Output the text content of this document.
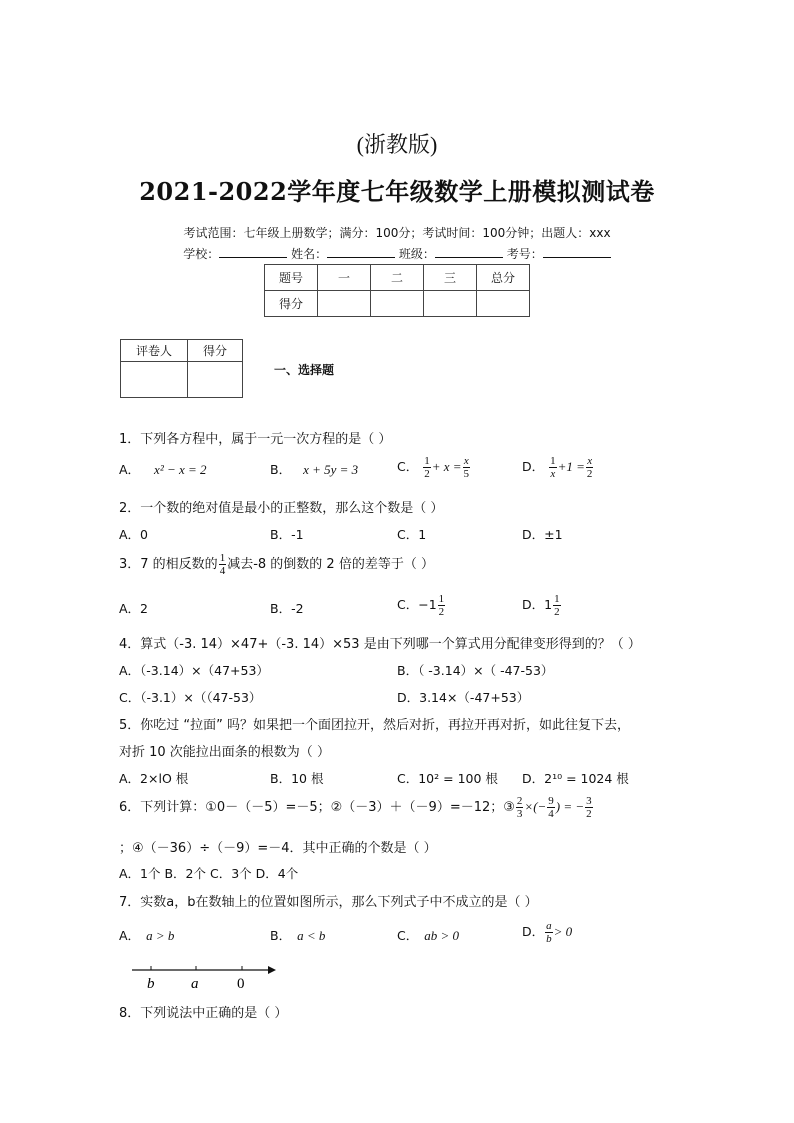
(浙教版)
2021-2022学年度七年级数学上册模拟测试卷
考试范围：七年级上册数学；满分：100分；考试时间：100分钟；出题人：xxx
学校：	姓名：	班级：	考号：
题号	一	二	三	总分
得分				
评卷人	得分

一、选择题
1．下列各方程中，属于一元一次方程的是（ ）
A． x² − x = 2	B． x + 5y = 3	C． $\frac{1}{2} + x = \frac{x}{5}$	D． $\frac{1}{x} +1 = \frac{x}{2}$
2．一个数的绝对值是最小的正整数，那么这个数是（ ）
A．0	B．-1	C．1	D．±1
3．7 的相反数的 $\frac{1}{4}$ 减去-8 的倒数的 2 倍的差等于（ ）
A．2	B．-2	C．$-1 \frac{1}{2}$	D．$1 \frac{1}{2}$
4．算式（-3. 14）×47+（-3. 14）×53 是由下列哪一个算式用分配律变形得到的？（ ）
A．（-3.14）×（47+53）	B．（ -3.14）×（ -47-53）
C．（-3.1）×（（47-53）	D．3.14×（-47+53）
5．你吃过 “拉面” 吗？如果把一个面团拉开，然后对折，再拉开再对折，如此往复下去，
对折 10 次能拉出面条的根数为（ ）
A．2×lO 根	B．10 根	C．10² = 100 根 D．2¹⁰ = 1024 根
6．下列计算：①0－（－5）=－5；②（－3）＋（－9）=－12；③ $\frac{2}{3}$ ×(− $\frac{9}{4}$ ) = − $\frac{3}{2}$
；④（－36）÷（－9）=－4．其中正确的个数是（ ）
A．1个 B．2个 C．3个 D．4个
7．实数a，b在数轴上的位置如图所示，那么下列式子中不成立的是（ ）
A． a > b	B． a < b	C． ab > 0	D． $\frac{a}{b} > 0$
b a	0
8．下列说法中正确的是（ ）
